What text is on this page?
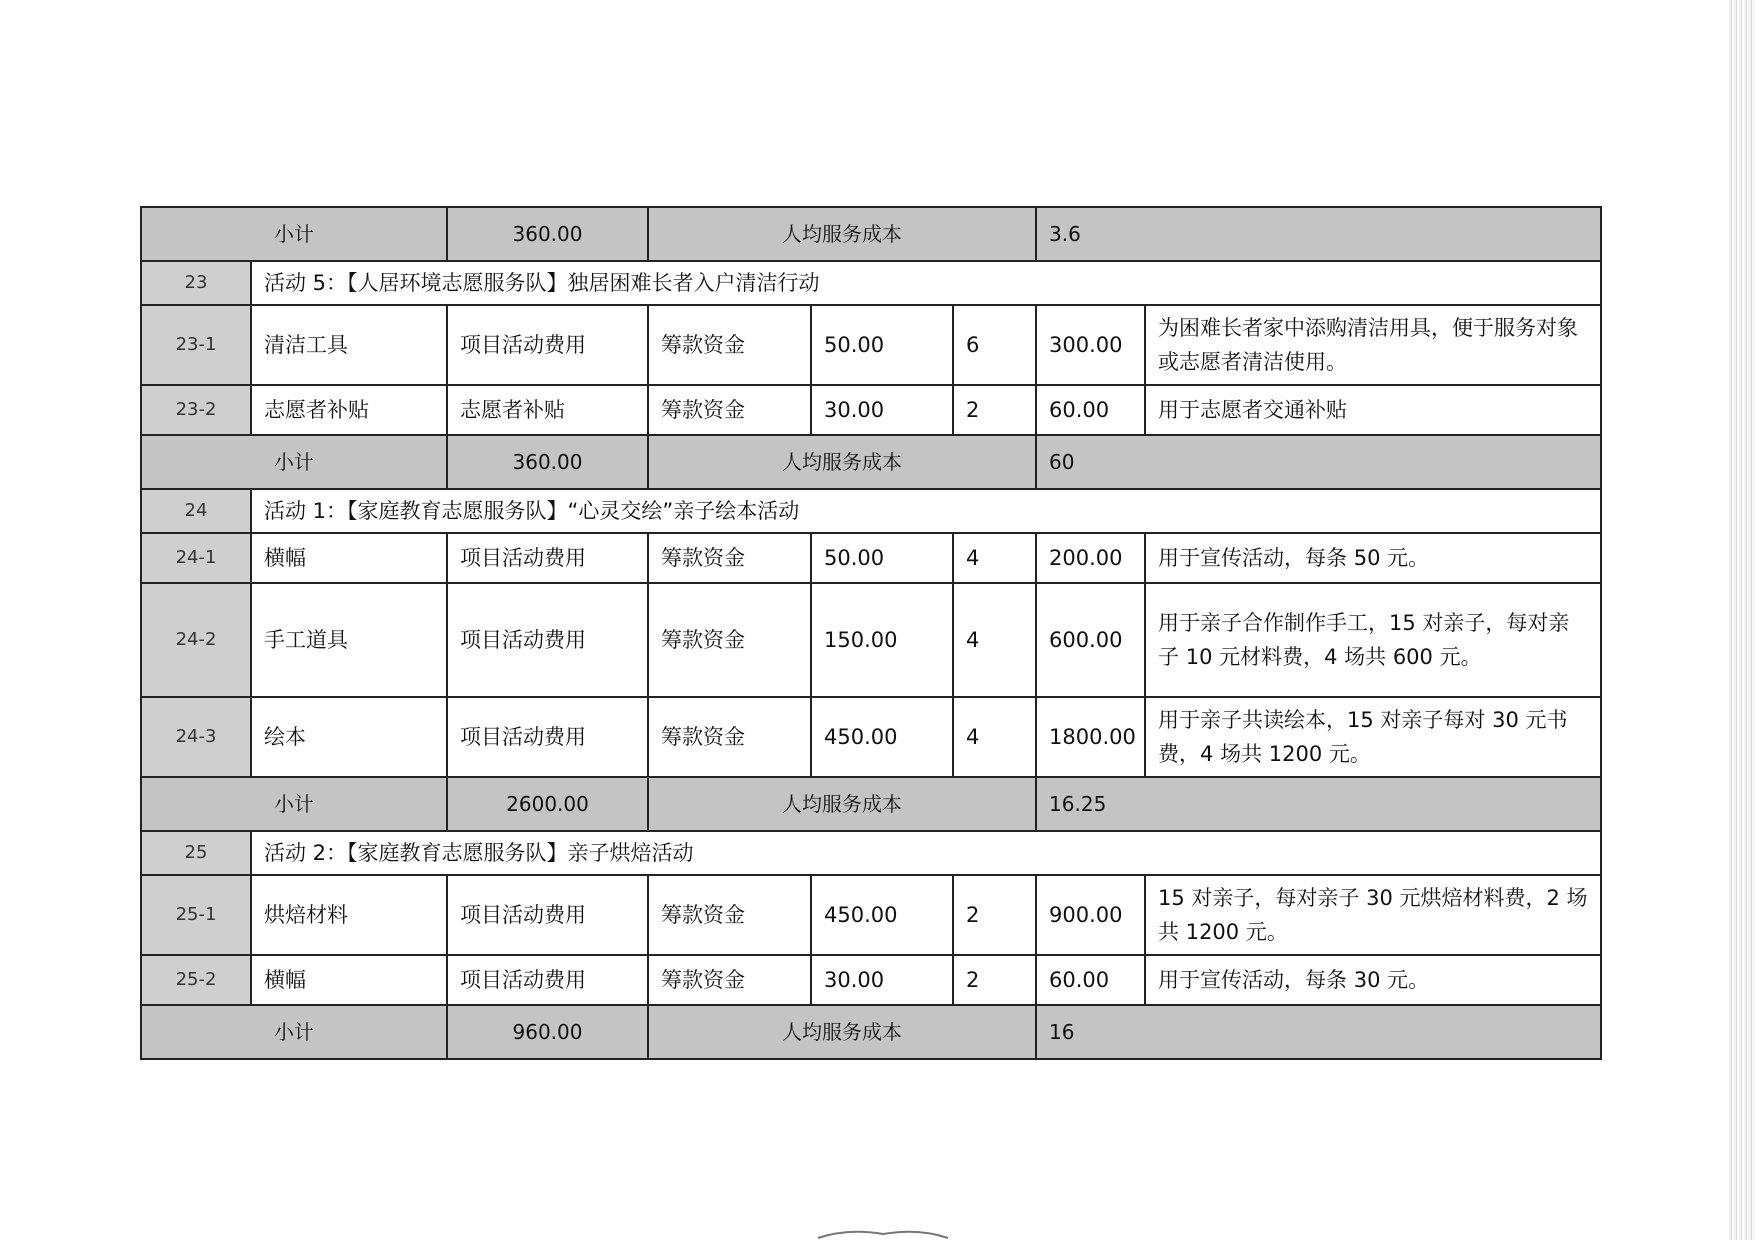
小计		360.00	人均服务成本			3.6	
23	活动 5：【人居环境志愿服务队】独居困难长者入户清洁行动						
23-1	清洁工具	项目活动费用	筹款资金	50.00	6	300.00	为困难长者家中添购清洁用具，便于服务对象或志愿者清洁使用。
23-2	志愿者补贴	志愿者补贴	筹款资金	30.00	2	60.00	用于志愿者交通补贴
小计		360.00	人均服务成本			60	
24	活动 1：【家庭教育志愿服务队】“心灵交绘”亲子绘本活动						
24-1	横幅	项目活动费用	筹款资金	50.00	4	200.00	用于宣传活动，每条 50 元。
24-2	手工道具	项目活动费用	筹款资金	150.00	4	600.00	用于亲子合作制作手工，15 对亲子，每对亲子 10 元材料费，4 场共 600 元。
24-3	绘本	项目活动费用	筹款资金	450.00	4	1800.00	用于亲子共读绘本，15 对亲子每对 30 元书费，4 场共 1200 元。
小计		2600.00	人均服务成本			16.25	
25	活动 2：【家庭教育志愿服务队】亲子烘焙活动						
25-1	烘焙材料	项目活动费用	筹款资金	450.00	2	900.00	15 对亲子，每对亲子 30 元烘焙材料费，2 场共 1200 元。
25-2	横幅	项目活动费用	筹款资金	30.00	2	60.00	用于宣传活动，每条 30 元。
小计		960.00	人均服务成本			16	
